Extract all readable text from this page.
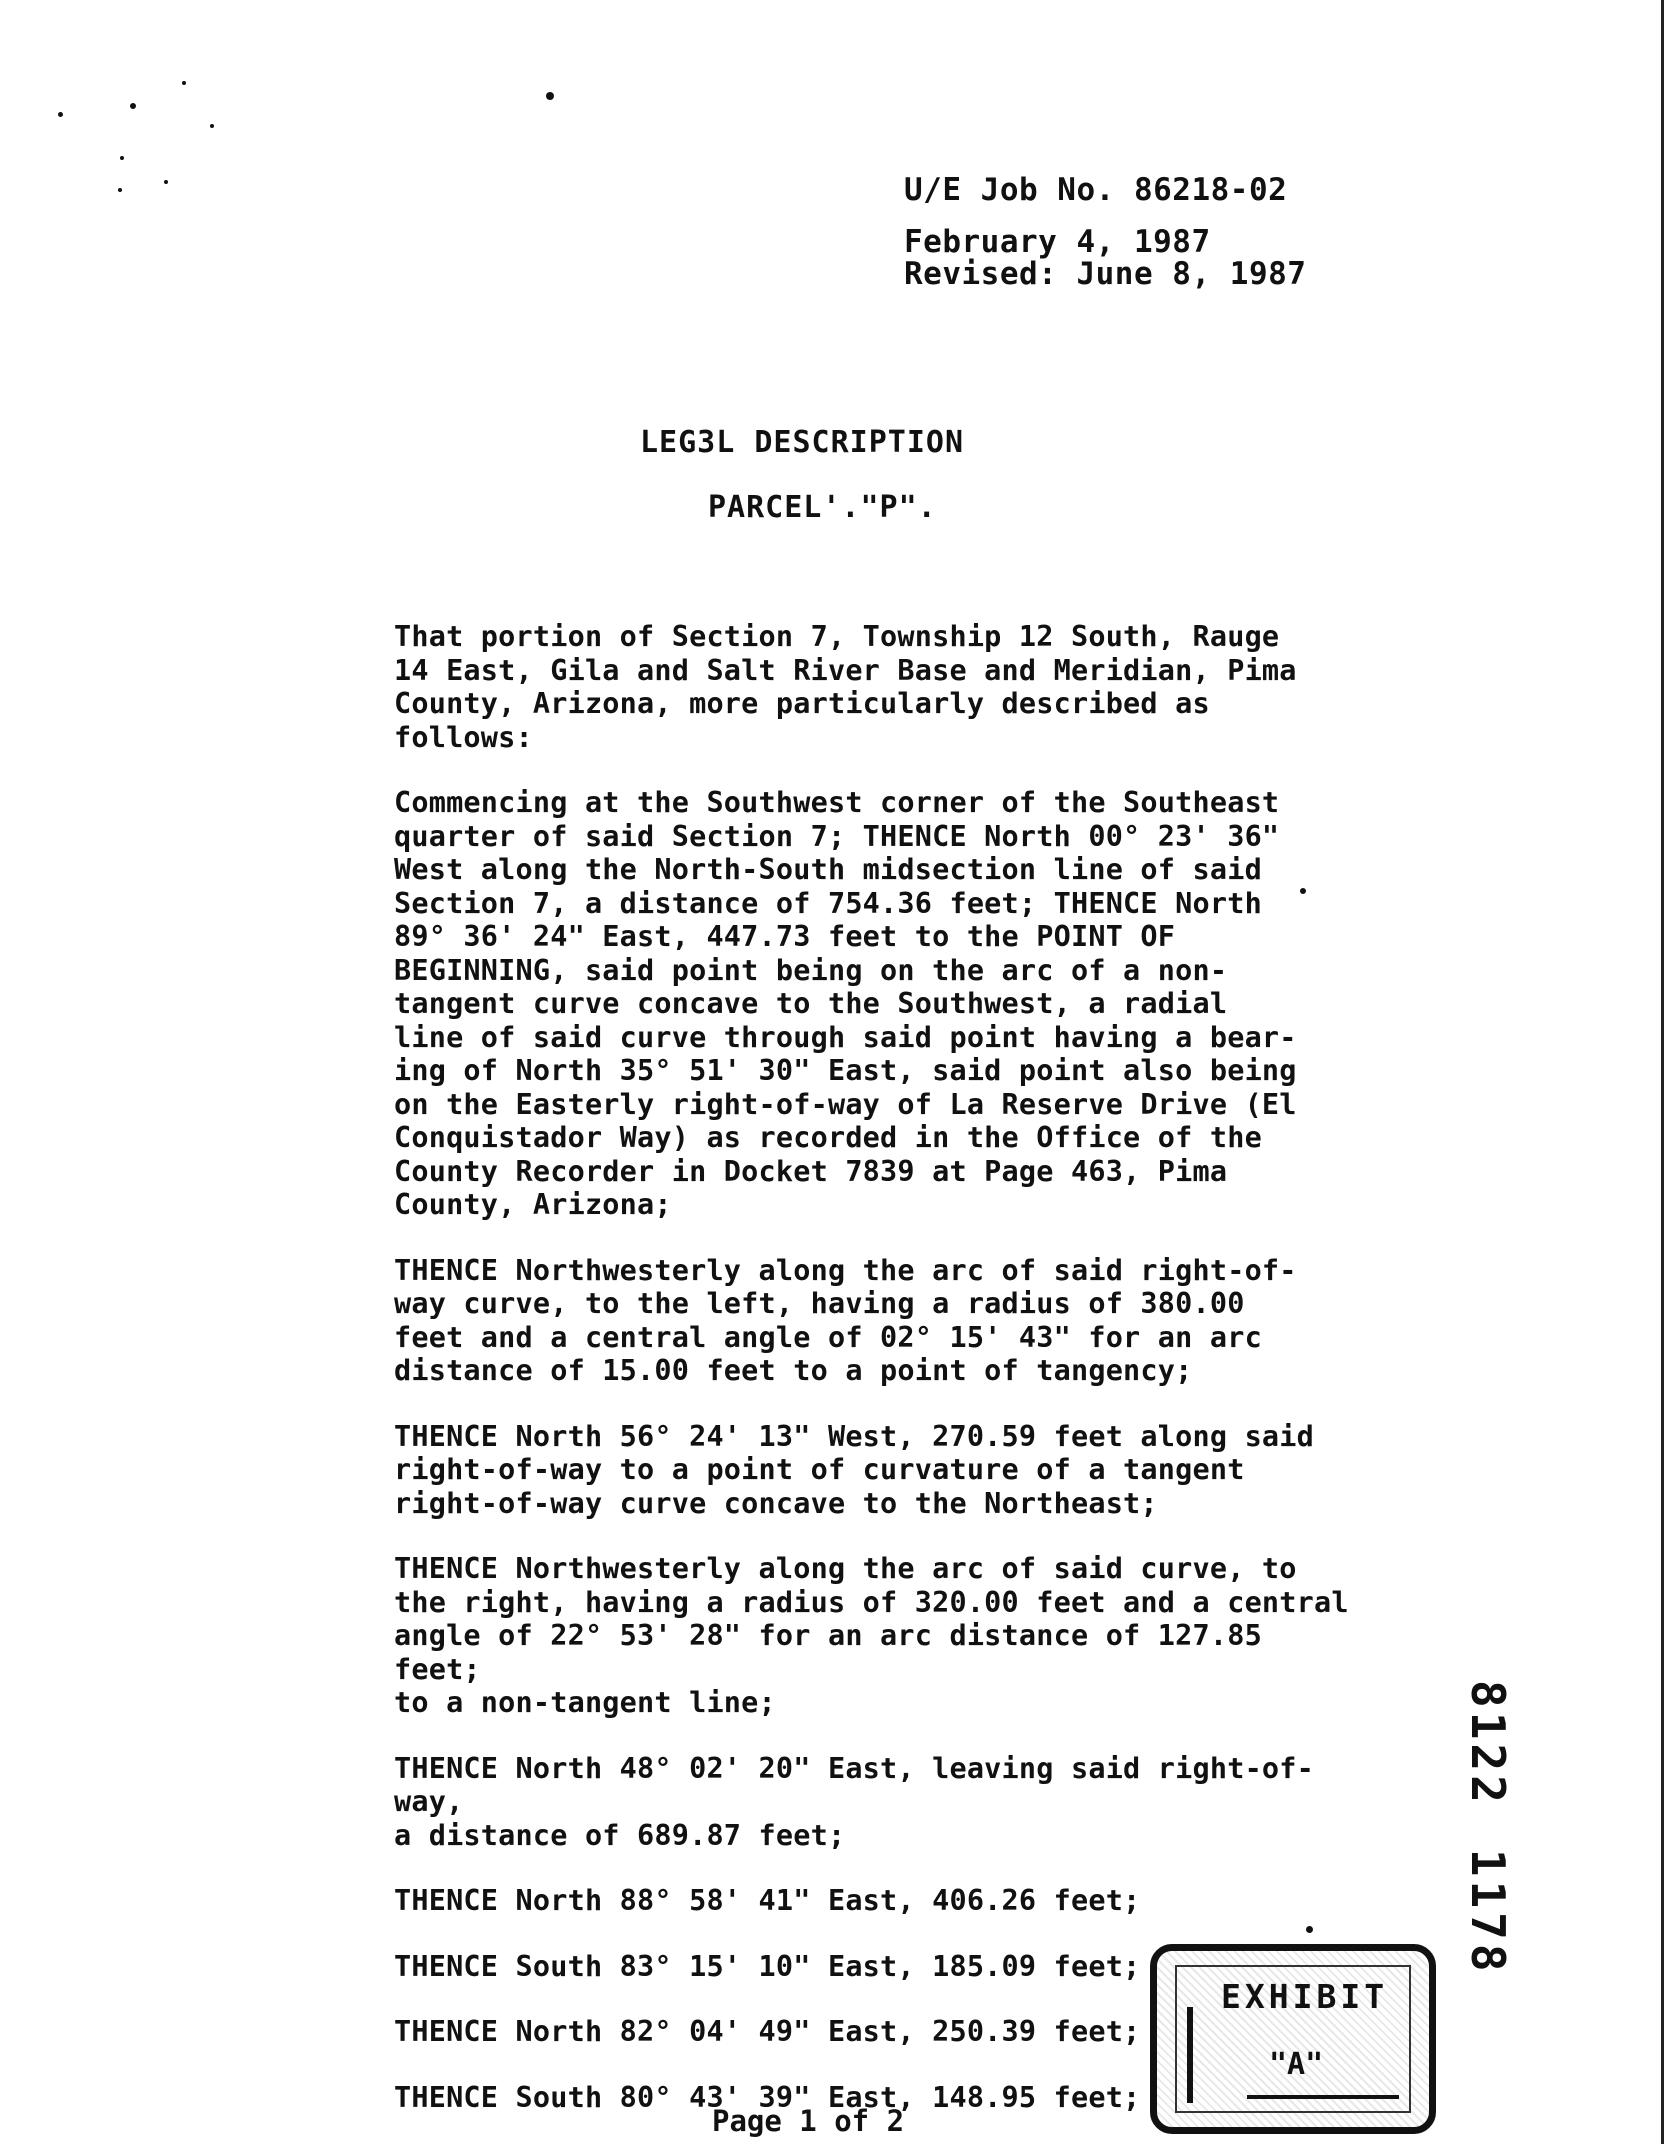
U/E Job No. 86218-02
February 4, 1987
Revised: June 8, 1987
LEG3L DESCRIPTION
PARCEL'."P".

That portion of Section 7, Township 12 South, Rauge
14 East, Gila and Salt River Base and Meridian, Pima
County, Arizona, more particularly described as
follows:

Commencing at the Southwest corner of the Southeast
quarter of said Section 7; THENCE North 00° 23' 36"
West along the North-South midsection line of said
Section 7, a distance of 754.36 feet; THENCE North
89° 36' 24" East, 447.73 feet to the POINT OF
BEGINNING, said point being on the arc of a non-
tangent curve concave to the Southwest, a radial
line of said curve through said point having a bear-
ing of North 35° 51' 30" East, said point also being
on the Easterly right-of-way of La Reserve Drive (El
Conquistador Way) as recorded in the Office of the
County Recorder in Docket 7839 at Page 463, Pima
County, Arizona;

THENCE Northwesterly along the arc of said right-of-
way curve, to the left, having a radius of 380.00
feet and a central angle of 02° 15' 43" for an arc
distance of 15.00 feet to a point of tangency;

THENCE North 56° 24' 13" West, 270.59 feet along said
right-of-way to a point of curvature of a tangent
right-of-way curve concave to the Northeast;

THENCE Northwesterly along the arc of said curve, to
the right, having a radius of 320.00 feet and a central
angle of 22° 53' 28" for an arc distance of 127.85 feet;
to a non-tangent line;

THENCE North 48° 02' 20" East, leaving said right-of-way,
a distance of 689.87 feet;

THENCE North 88° 58' 41" East, 406.26 feet;

THENCE South 83° 15' 10" East, 185.09 feet;

THENCE North 82° 04' 49" East, 250.39 feet;

THENCE South 80° 43' 39" East, 148.95 feet;

81221178
EXHIBIT
"A"
Page 1 of 2
